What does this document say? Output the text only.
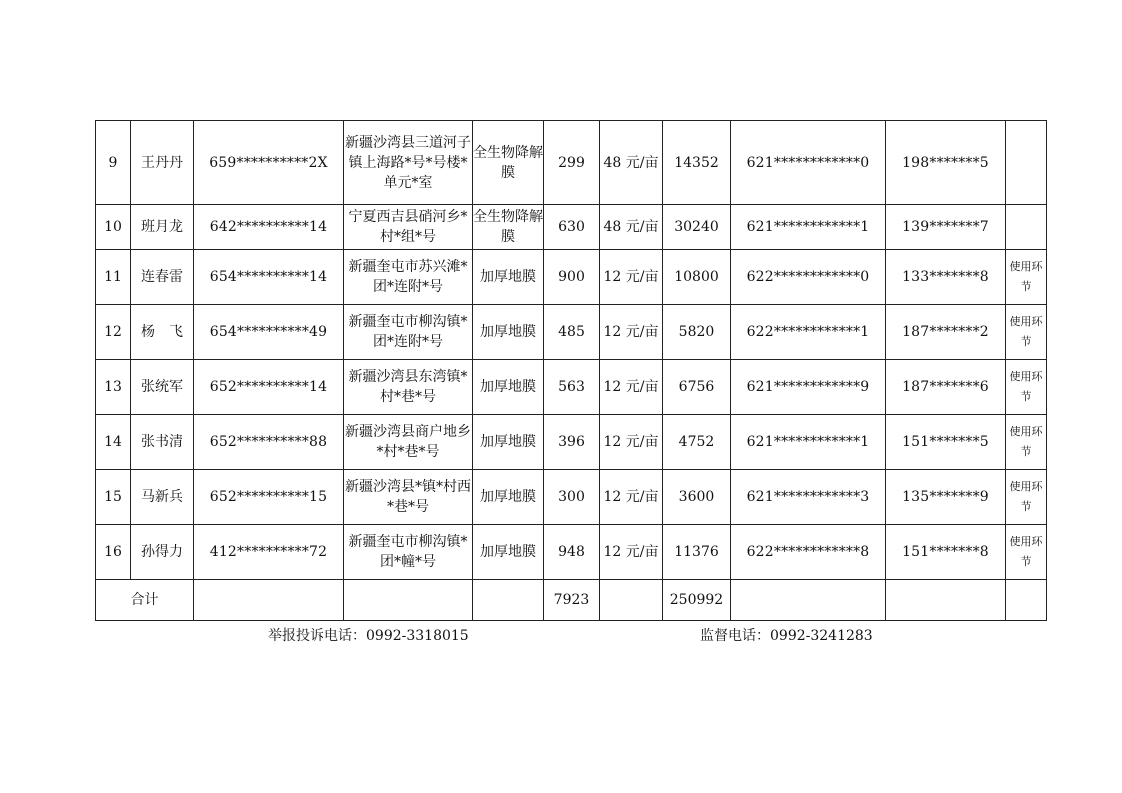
9	王丹丹	659**********2X	新疆沙湾县三道河子镇上海路*号*号楼*单元*室	全生物降解膜	299	48 元/亩	14352	621************0	198*******5	
10	班月龙	642**********14	宁夏西吉县硝河乡*村*组*号	全生物降解膜	630	48 元/亩	30240	621************1	139*******7	
11	连春雷	654**********14	新疆奎屯市苏兴滩*团*连附*号	加厚地膜	900	12 元/亩	10800	622************0	133*******8	使用环节
12	杨　飞	654**********49	新疆奎屯市柳沟镇*团*连附*号	加厚地膜	485	12 元/亩	5820	622************1	187*******2	使用环节
13	张统军	652**********14	新疆沙湾县东湾镇*村*巷*号	加厚地膜	563	12 元/亩	6756	621************9	187*******6	使用环节
14	张书清	652**********88	新疆沙湾县商户地乡*村*巷*号	加厚地膜	396	12 元/亩	4752	621************1	151*******5	使用环节
15	马新兵	652**********15	新疆沙湾县*镇*村西*巷*号	加厚地膜	300	12 元/亩	3600	621************3	135*******9	使用环节
16	孙得力	412**********72	新疆奎屯市柳沟镇*团*幢*号	加厚地膜	948	12 元/亩	11376	622************8	151*******8	使用环节
合计					7923		250992			
举报投诉电话：0992-3318015	监督电话：0992-3241283
